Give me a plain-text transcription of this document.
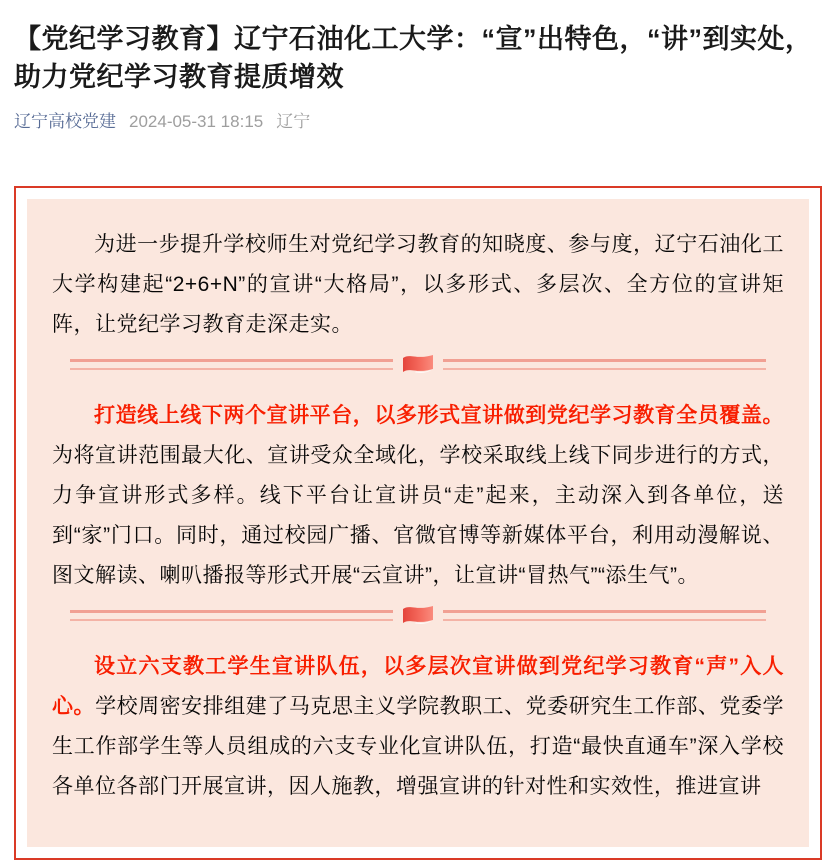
【党纪学习教育】辽宁石油化工大学：“宣”出特色，“讲”到实处，助力党纪学习教育提质增效
辽宁高校党建 2024-05-31 18:15 辽宁

为进一步提升学校师生对党纪学习教育的知晓度、参与度，辽宁石油化工大学构建起“2+6+N”的宣讲“大格局”，以多形式、多层次、全方位的宣讲矩阵，让党纪学习教育走深走实。

打造线上线下两个宣讲平台，以多形式宣讲做到党纪学习教育全员覆盖。为将宣讲范围最大化、宣讲受众全域化，学校采取线上线下同步进行的方式，力争宣讲形式多样。线下平台让宣讲员“走”起来，主动深入到各单位，送到“家”门口。同时，通过校园广播、官微官博等新媒体平台，利用动漫解说、图文解读、喇叭播报等形式开展“云宣讲”，让宣讲“冒热气”“添生气”。

设立六支教工学生宣讲队伍，以多层次宣讲做到党纪学习教育“声”入人心。学校周密安排组建了马克思主义学院教职工、党委研究生工作部、党委学生工作部学生等人员组成的六支专业化宣讲队伍，打造“最快直通车”深入学校各单位各部门开展宣讲，因人施教，增强宣讲的针对性和实效性，推进宣讲
